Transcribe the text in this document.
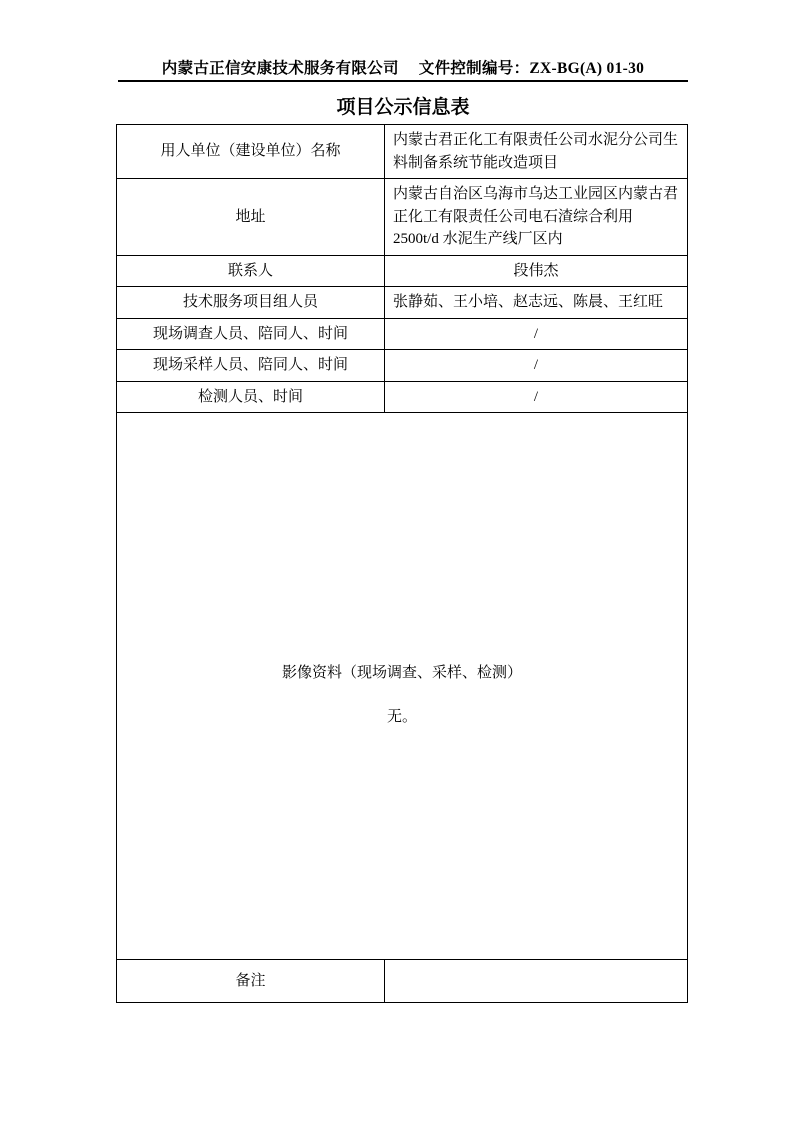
内蒙古正信安康技术服务有限公司 文件控制编号：ZX-BG(A) 01-30
项目公示信息表
用人单位（建设单位）名称	内蒙古君正化工有限责任公司水泥分公司生料制备系统节能改造项目
地址	内蒙古自治区乌海市乌达工业园区内蒙古君正化工有限责任公司电石渣综合利用 2500t/d 水泥生产线厂区内
联系人	段伟杰
技术服务项目组人员	张静茹、王小培、赵志远、陈晨、王红旺
现场调查人员、陪同人、时间	/
现场采样人员、陪同人、时间	/
检测人员、时间	/

影像资料（现场调查、采样、检测）
无。	

备注	
